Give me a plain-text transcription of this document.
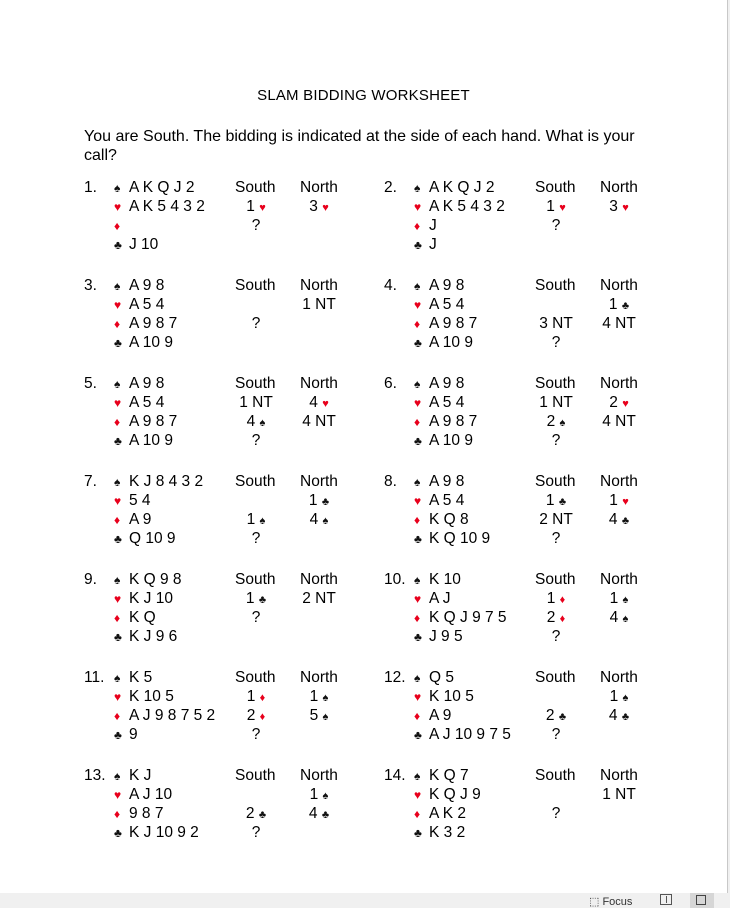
SLAM BIDDING WORKSHEET
You are South. The bidding is indicated at the side of each hand. What is your call?
1. ♠ A K Q J 2
♥ A K 5 4 3 2
♦
♣ J 10
South North
1 ♥
?
3 ♥
2. ♠ A K Q J 2
♥ A K 5 4 3 2
♦ J
♣ J
South North
1 ♥
?
3 ♥
3. ♠ A 9 8
♥ A 5 4
♦ A 9 8 7
♣ A 10 9
South North
?
1 NT
4. ♠ A 9 8
♥ A 5 4
♦ A 9 8 7
♣ A 10 9
South North
3 NT
?
1 ♣
4 NT
5. ♠ A 9 8
♥ A 5 4
♦ A 9 8 7
♣ A 10 9
South North
1 NT
4 ♠
?
4 ♥
4 NT
6. ♠ A 9 8
♥ A 5 4
♦ A 9 8 7
♣ A 10 9
South North
1 NT
2 ♠
?
2 ♥
4 NT
7. ♠ K J 8 4 3 2
♥ 5 4
♦ A 9
♣ Q 10 9
South North
1 ♠
?
1 ♣
4 ♠
8. ♠ A 9 8
♥ A 5 4
♦ K Q 8
♣ K Q 10 9
South North
1 ♣
2 NT
?
1 ♥
4 ♣
9. ♠ K Q 9 8
♥ K J 10
♦ K Q
♣ K J 9 6
South North
1 ♣
?
2 NT
10. ♠ K 10
♥ A J
♦ K Q J 9 7 5
♣ J 9 5
South North
1 ♦
2 ♦
?
1 ♠
4 ♠
11. ♠ K 5
♥ K 10 5
♦ A J 9 8 7 5 2
♣ 9
South North
1 ♦
2 ♦
?
1 ♠
5 ♠
12. ♠ Q 5
♥ K 10 5
♦ A 9
♣ A J 10 9 7 5
South North
2 ♣
?
1 ♠
4 ♣
13. ♠ K J
♥ A J 10
♦ 9 8 7
♣ K J 10 9 2
South North
2 ♣
?
1 ♠
4 ♣
14. ♠ K Q 7
♥ K Q J 9
♦ A K 2
♣ K 3 2
South North
?
1 NT
⬚ Focus
